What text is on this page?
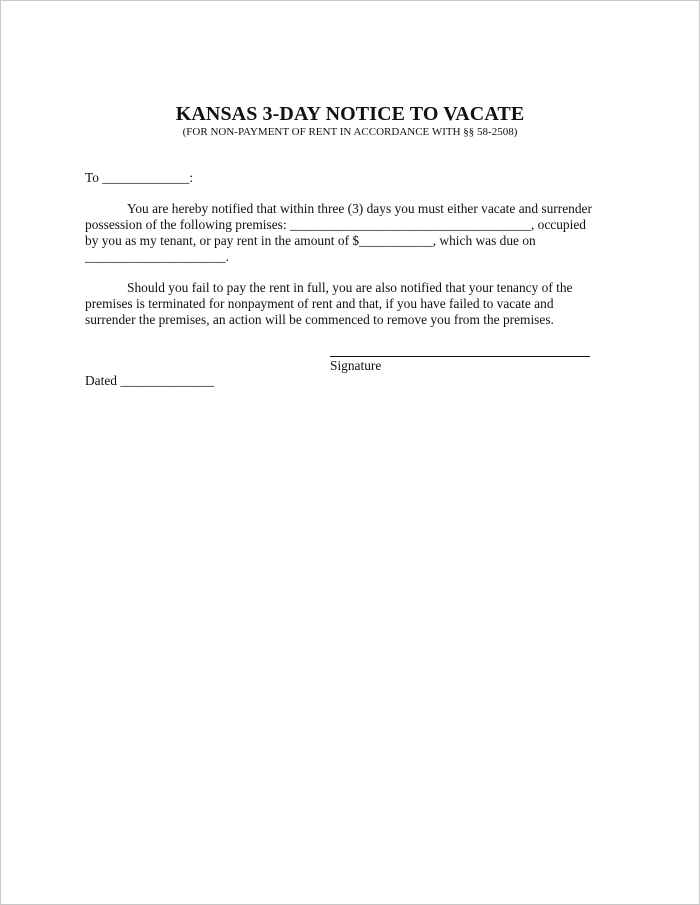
KANSAS 3-DAY NOTICE TO VACATE
(FOR NON-PAYMENT OF RENT IN ACCORDANCE WITH §§ 58-2508)
To _____________:
You are hereby notified that within three (3) days you must either vacate and surrender
possession of the following premises: ____________________________________, occupied
by you as my tenant, or pay rent in the amount of $___________, which was due on
_____________________.
Should you fail to pay the rent in full, you are also notified that your tenancy of the
premises is terminated for nonpayment of rent and that, if you have failed to vacate and
surrender the premises, an action will be commenced to remove you from the premises.
Signature
Dated ______________
